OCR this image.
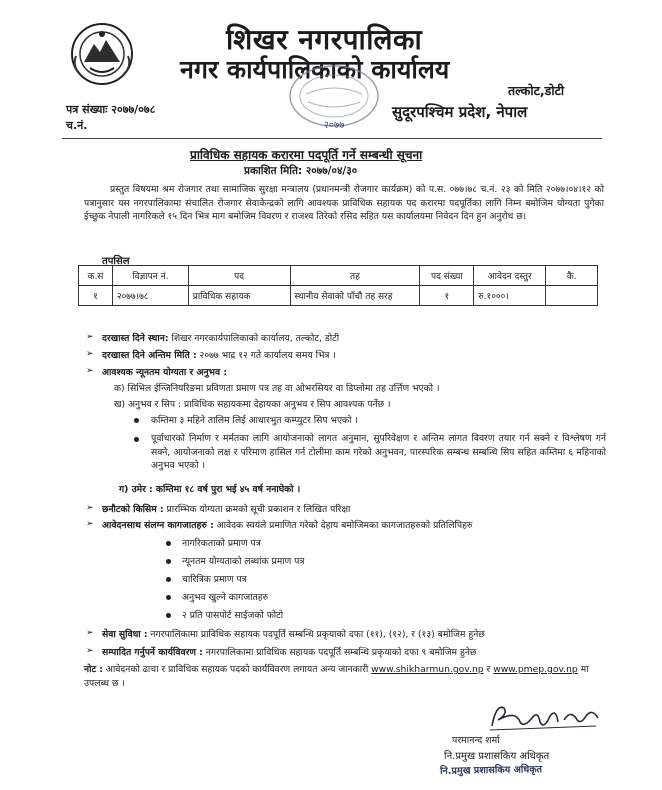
शिखर नगरपालिका
नगर कार्यपालिकाको कार्यालय
तल्कोट,डोटी
सुदूरपश्चिम प्रदेश, नेपाल
पत्र संख्याः २०७७/०७८
च.नं.	२०७७
प्राविधिक सहायक करारमा पदपूर्ति गर्ने सम्बन्धी सूचना
प्रकाशित मिति: २०७७/०४/३०
प्रस्तुत विषयमा श्रम रोजगार तथा सामाजिक सुरक्षा मन्त्रालय (प्रधानमन्त्री रोजगार कार्यक्रम) को प.स. ०७७।७८ च.नं. २३ को मिति २०७७।०४।१२ को पत्रानुसार यस नगरपालिकामा संचालित रोजगार सेवाकेन्द्रको लागि आवश्यक प्राविधिक सहायक पद करारमा पदपूर्तिका लागि निम्न बमोजिम योग्यता पुगेका ईच्छुक नेपाली नागरिकले १५ दिन भित्र माग बमोजिम विवरण र राजश्व तिरेको रसिद सहित यस कार्यालयमा निवेदन दिन हुन अनुरोध छ।
तपसिल
क.सं	विज्ञापन नं.	पद	तह	पद संख्या	आवेदन दस्तुर	कै.
१	२०७७।७८	प्राविधिक सहायक	स्थानीय सेवाको पाँचौ तह सरह	१	रु.१०००।	
➢ दरखास्त दिने स्थान: शिखर नगरकार्यपालिकाको कार्यालय, तल्कोट, डोटी
➢ दरखास्त दिने अन्तिम मिति : २०७७ भाद्र १२ गते कार्यालय समय भित्र ।
➢ आवश्यक न्यूनतम योग्यता र अनुभव :
क) सिभिल ईन्जिनियरिङमा प्रविणता प्रमाण पत्र तह वा ओभरसियर वा डिप्लोमा तह उर्त्तिण भएको ।
ख) अनुभव र सिप : प्राविधिक सहायकमा देहायका अनुभव र सिप आवश्यक पर्नेछ ।
कम्तिमा ३ महिने तालिम लिई आधारभुत कम्प्युटर सिप भएको ।
पूर्वाधारको निर्माण र मर्मतका लागि आयोजनाको लागत अनुमान, सुपरिवेक्षण र अन्तिम लागत विवरण तयार गर्न सक्ने र विश्लेषण गर्न सक्ने, आयोजनाको लक्ष र परिमाण हासिल गर्न टोलीमा काम गरेको अनुभवन, पारस्परिक सम्बन्ध सम्बन्धि सिप सहित कम्तिमा ६ महिनाको अनुभव भएको ।
ग) उमेर : कम्तिमा १८ वर्ष पुरा भई ४५ वर्ष ननाघेको ।
➢ छनौटको किसिम : प्रारम्भिक योग्यता क्रमको सूची प्रकाशन र लिखित परिक्षा
➢ आवेदनसाथ संलग्न कागजातहरु : आवेदक स्वयंले प्रमाणित गरेको देहाय बमोजिमका कागजातहरुको प्रतिलिपिहरु
नागरिकताको प्रमाण पत्र
न्यूनतम योग्यताको लब्धांक प्रमाण पत्र
चारित्रिक प्रमाण पत्र
अनुभव खुल्ने कागजातहरु
२ प्रति पासपोर्ट साईजको फोटो
➢ सेवा सुविधा : नगरपालिकामा प्राविधिक सहायक पदपूर्ति सम्बन्धि प्रकृयाको दफा (११), (१२), र (१३) बमोजिम हुनेछ
➢ सम्पादित गर्नुपर्ने कार्यविवरण : नगरपालिकामा प्राविधिक सहायक पदपूर्ति सम्बन्धि प्रकृयाको दफा ९ बमोजिम हुनेछ
नोट : आवेदनको ढाचा र प्राविधिक सहायक पदको कार्यविवरण लगायत अन्य जानकारी www.shikharmun.gov.np र www.pmep.gov.np मा उपलब्ध छ ।
परमानन्द शर्मा
नि.प्रमुख प्रशासकिय अधिकृत
नि.प्रमुख प्रशासकिय अधिकृत
